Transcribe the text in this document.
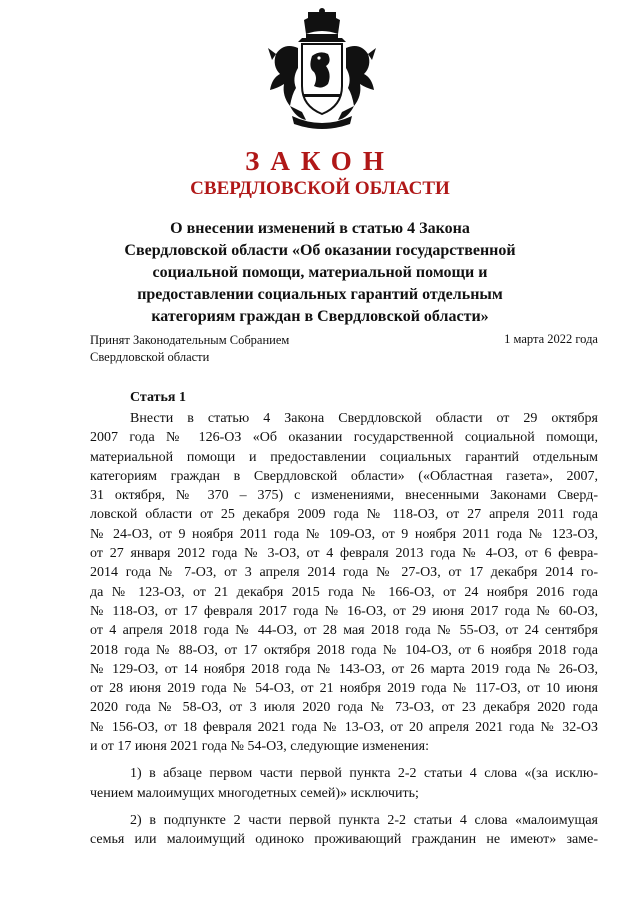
ЗАКОН
СВЕРДЛОВСКОЙ ОБЛАСТИ
О внесении изменений в статью 4 Закона
Свердловской области «Об оказании государственной
социальной помощи, материальной помощи и
предоставлении социальных гарантий отдельным
категориям граждан в Свердловской области»
Принят Законодательным Собранием
Свердловской области
1 марта 2022 года
Статья 1

Внести в статью 4 Закона Свердловской области от 29 октября
2007 года № 126-ОЗ «Об оказании государственной социальной помощи,
материальной помощи и предоставлении социальных гарантий отдельным
категориям граждан в Свердловской области» («Областная газета», 2007,
31 октября, № 370 – 375) с изменениями, внесенными Законами Сверд-
ловской области от 25 декабря 2009 года № 118-ОЗ, от 27 апреля 2011 года
№ 24-ОЗ, от 9 ноября 2011 года № 109-ОЗ, от 9 ноября 2011 года № 123-ОЗ,
от 27 января 2012 года № 3-ОЗ, от 4 февраля 2013 года № 4-ОЗ, от 6 февра-
2014 года № 7-ОЗ, от 3 апреля 2014 года № 27-ОЗ, от 17 декабря 2014 го-
да № 123-ОЗ, от 21 декабря 2015 года № 166-ОЗ, от 24 ноября 2016 года
№ 118-ОЗ, от 17 февраля 2017 года № 16-ОЗ, от 29 июня 2017 года № 60-ОЗ,
от 4 апреля 2018 года № 44-ОЗ, от 28 мая 2018 года № 55-ОЗ, от 24 сентября
2018 года № 88-ОЗ, от 17 октября 2018 года № 104-ОЗ, от 6 ноября 2018 года
№ 129-ОЗ, от 14 ноября 2018 года № 143-ОЗ, от 26 марта 2019 года № 26-ОЗ,
от 28 июня 2019 года № 54-ОЗ, от 21 ноября 2019 года № 117-ОЗ, от 10 июня
2020 года № 58-ОЗ, от 3 июля 2020 года № 73-ОЗ, от 23 декабря 2020 года
№ 156-ОЗ, от 18 февраля 2021 года № 13-ОЗ, от 20 апреля 2021 года № 32-ОЗ
и от 17 июня 2021 года № 54-ОЗ, следующие изменения:

1) в абзаце первом части первой пункта 2-2 статьи 4 слова «(за исклю-
чением малоимущих многодетных семей)» исключить;

2) в подпункте 2 части первой пункта 2-2 статьи 4 слова «малоимущая
семья или малоимущий одиноко проживающий гражданин не имеют» заме-
